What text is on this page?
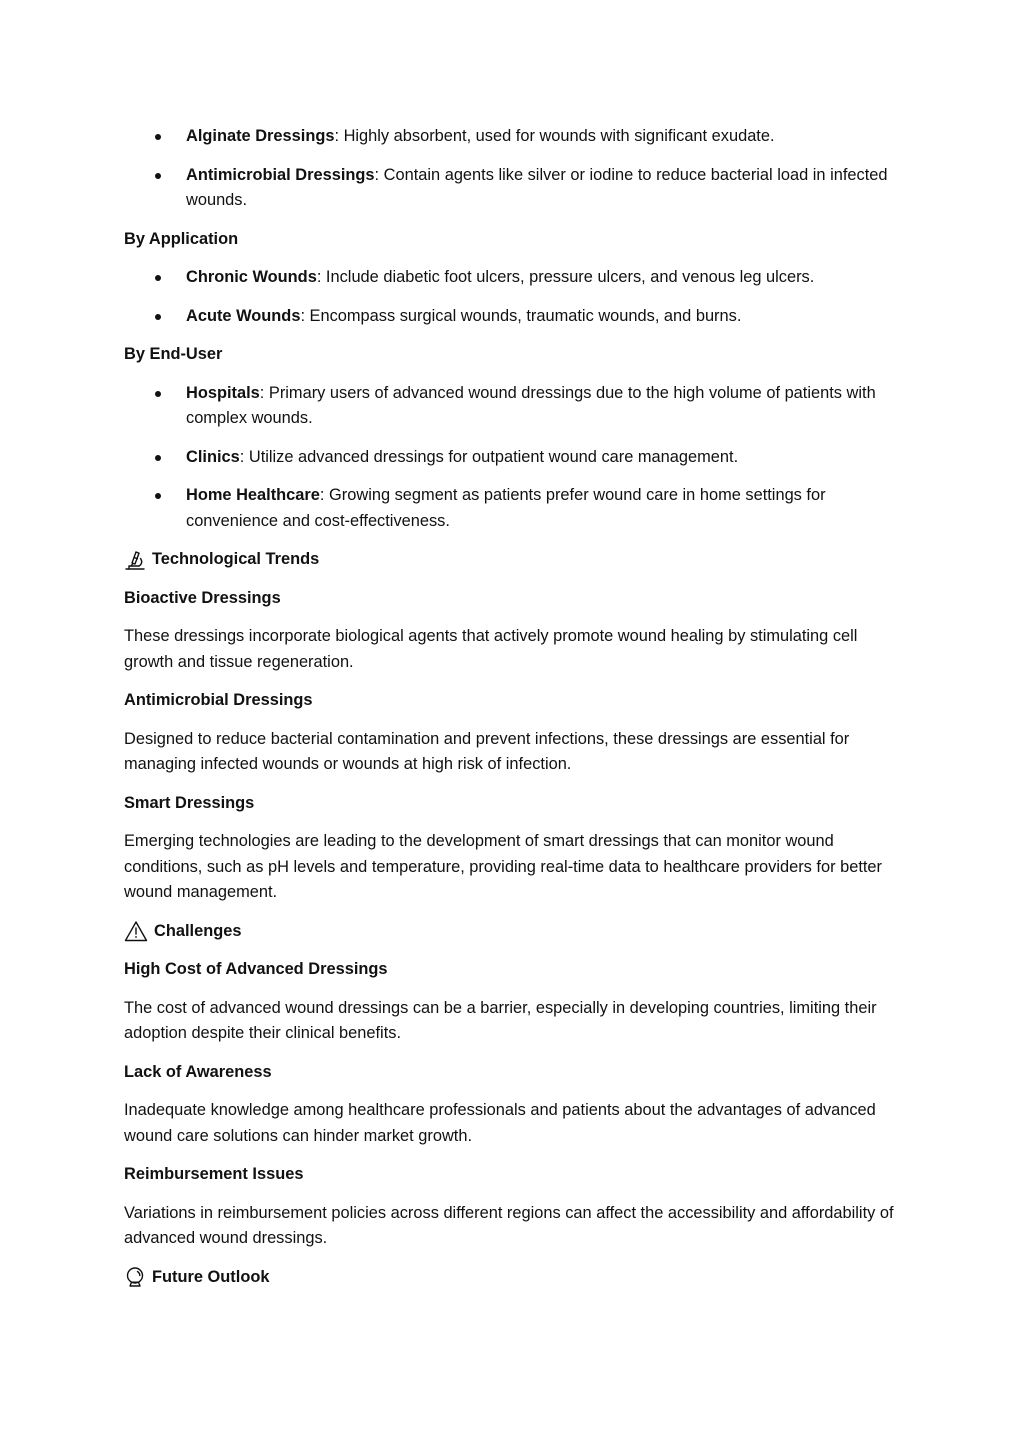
Alginate Dressings: Highly absorbent, used for wounds with significant exudate.
Antimicrobial Dressings: Contain agents like silver or iodine to reduce bacterial load in infected wounds.
By Application
Chronic Wounds: Include diabetic foot ulcers, pressure ulcers, and venous leg ulcers.
Acute Wounds: Encompass surgical wounds, traumatic wounds, and burns.
By End-User
Hospitals: Primary users of advanced wound dressings due to the high volume of patients with complex wounds.
Clinics: Utilize advanced dressings for outpatient wound care management.
Home Healthcare: Growing segment as patients prefer wound care in home settings for convenience and cost-effectiveness.
Technological Trends
Bioactive Dressings

These dressings incorporate biological agents that actively promote wound healing by stimulating cell growth and tissue regeneration.

Antimicrobial Dressings

Designed to reduce bacterial contamination and prevent infections, these dressings are essential for managing infected wounds or wounds at high risk of infection.

Smart Dressings

Emerging technologies are leading to the development of smart dressings that can monitor wound conditions, such as pH levels and temperature, providing real-time data to healthcare providers for better wound management.

Challenges
High Cost of Advanced Dressings

The cost of advanced wound dressings can be a barrier, especially in developing countries, limiting their adoption despite their clinical benefits.

Lack of Awareness

Inadequate knowledge among healthcare professionals and patients about the advantages of advanced wound care solutions can hinder market growth.

Reimbursement Issues

Variations in reimbursement policies across different regions can affect the accessibility and affordability of advanced wound dressings.

Future Outlook
